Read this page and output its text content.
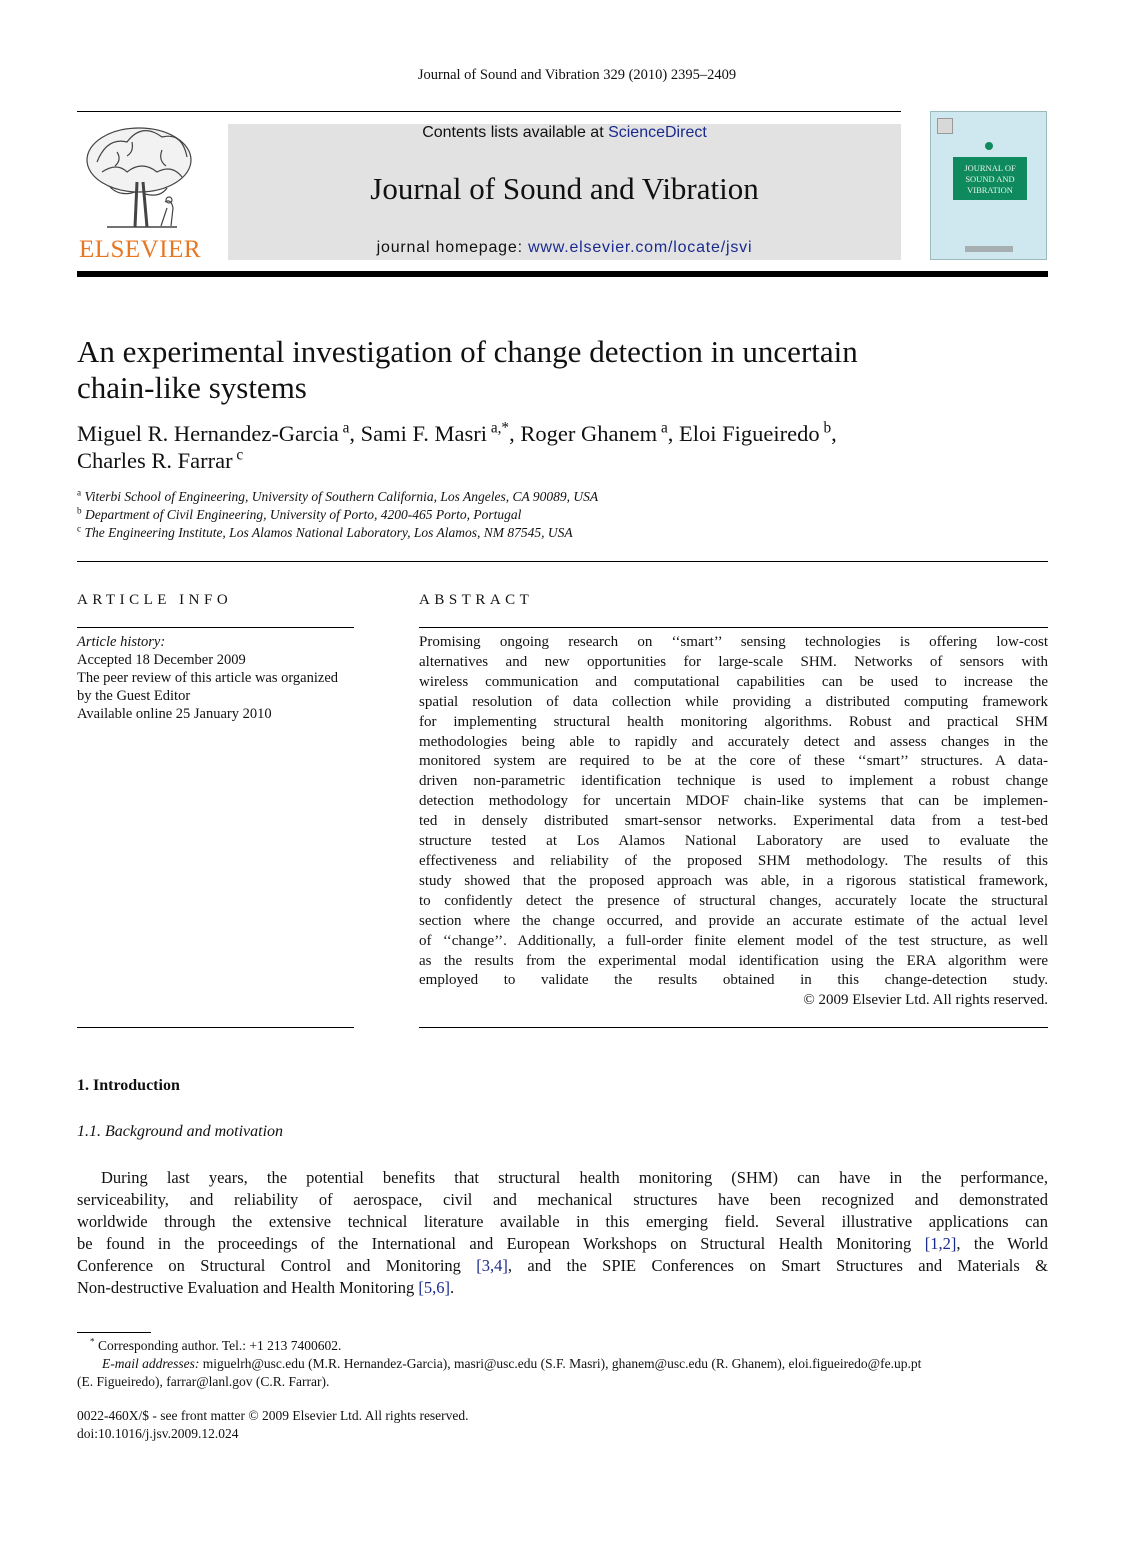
Journal of Sound and Vibration 329 (2010) 2395–2409
ELSEVIER
Contents lists available at ScienceDirect
Journal of Sound and Vibration
journal homepage: www.elsevier.com/locate/jsvi
JOURNAL OF
SOUND AND
VIBRATION
An experimental investigation of change detection in uncertain
chain-like systems
Miguel R. Hernandez-Garcia $^a$, Sami F. Masri $^{a,*}$, Roger Ghanem $^a$, Eloi Figueiredo $^b$,
Charles R. Farrar $^c$
$^a$ Viterbi School of Engineering, University of Southern California, Los Angeles, CA 90089, USA
$^b$ Department of Civil Engineering, University of Porto, 4200-465 Porto, Portugal
$^c$ The Engineering Institute, Los Alamos National Laboratory, Los Alamos, NM 87545, USA
ARTICLE INFO
Article history:
Accepted 18 December 2009
The peer review of this article was organized
by the Guest Editor
Available online 25 January 2010
ABSTRACT
Promising ongoing research on ‘‘smart’’ sensing technologies is offering low-cost
alternatives and new opportunities for large-scale SHM. Networks of sensors with
wireless communication and computational capabilities can be used to increase the
spatial resolution of data collection while providing a distributed computing framework
for implementing structural health monitoring algorithms. Robust and practical SHM
methodologies being able to rapidly and accurately detect and assess changes in the
monitored system are required to be at the core of these ‘‘smart’’ structures. A data-
driven non-parametric identification technique is used to implement a robust change
detection methodology for uncertain MDOF chain-like systems that can be implemen-
ted in densely distributed smart-sensor networks. Experimental data from a test-bed
structure tested at Los Alamos National Laboratory are used to evaluate the
effectiveness and reliability of the proposed SHM methodology. The results of this
study showed that the proposed approach was able, in a rigorous statistical framework,
to confidently detect the presence of structural changes, accurately locate the structural
section where the change occurred, and provide an accurate estimate of the actual level
of ‘‘change’’. Additionally, a full-order finite element model of the test structure, as well
as the results from the experimental modal identification using the ERA algorithm were
employed to validate the results obtained in this change-detection study.
© 2009 Elsevier Ltd. All rights reserved.
1. Introduction
1.1. Background and motivation
During last years, the potential benefits that structural health monitoring (SHM) can have in the performance,
serviceability, and reliability of aerospace, civil and mechanical structures have been recognized and demonstrated
worldwide through the extensive technical literature available in this emerging field. Several illustrative applications can
be found in the proceedings of the International and European Workshops on Structural Health Monitoring [1,2], the World
Conference on Structural Control and Monitoring [3,4], and the SPIE Conferences on Smart Structures and Materials &
Non-destructive Evaluation and Health Monitoring [5,6].
* Corresponding author. Tel.: +1 213 7400602.
E-mail addresses: miguelrh@usc.edu (M.R. Hernandez-Garcia), masri@usc.edu (S.F. Masri), ghanem@usc.edu (R. Ghanem), eloi.figueiredo@fe.up.pt
(E. Figueiredo), farrar@lanl.gov (C.R. Farrar).
0022-460X/$ - see front matter © 2009 Elsevier Ltd. All rights reserved.
doi:10.1016/j.jsv.2009.12.024
